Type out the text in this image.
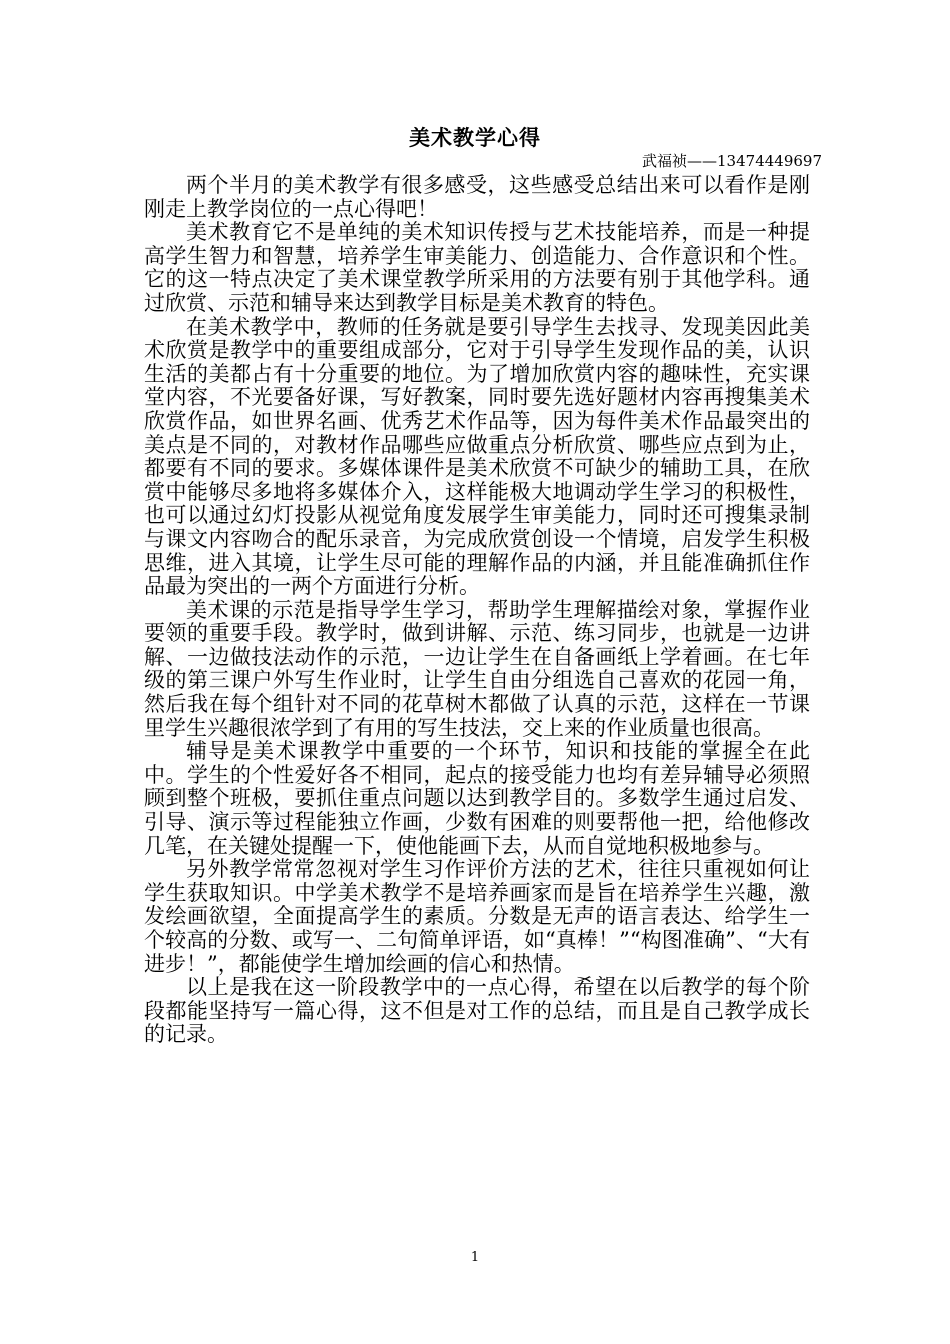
美术教学心得
武福祯——13474449697

两个半月的美术教学有很多感受，这些感受总结出来可以看作是刚刚走上教学岗位的一点心得吧！

美术教育它不是单纯的美术知识传授与艺术技能培养，而是一种提高学生智力和智慧，培养学生审美能力、创造能力、合作意识和个性。它的这一特点决定了美术课堂教学所采用的方法要有别于其他学科。通过欣赏、示范和辅导来达到教学目标是美术教育的特色。

在美术教学中，教师的任务就是要引导学生去找寻、发现美因此美术欣赏是教学中的重要组成部分，它对于引导学生发现作品的美，认识生活的美都占有十分重要的地位。为了增加欣赏内容的趣味性，充实课堂内容，不光要备好课，写好教案，同时要先选好题材内容再搜集美术欣赏作品，如世界名画、优秀艺术作品等，因为每件美术作品最突出的美点是不同的，对教材作品哪些应做重点分析欣赏、哪些应点到为止，都要有不同的要求。多媒体课件是美术欣赏不可缺少的辅助工具，在欣赏中能够尽多地将多媒体介入，这样能极大地调动学生学习的积极性，也可以通过幻灯投影从视觉角度发展学生审美能力，同时还可搜集录制与课文内容吻合的配乐录音，为完成欣赏创设一个情境，启发学生积极思维，进入其境，让学生尽可能的理解作品的内涵，并且能准确抓住作品最为突出的一两个方面进行分析。

美术课的示范是指导学生学习，帮助学生理解描绘对象，掌握作业要领的重要手段。教学时，做到讲解、示范、练习同步，也就是一边讲解、一边做技法动作的示范，一边让学生在自备画纸上学着画。在七年级的第三课户外写生作业时，让学生自由分组选自己喜欢的花园一角，然后我在每个组针对不同的花草树木都做了认真的示范，这样在一节课里学生兴趣很浓学到了有用的写生技法，交上来的作业质量也很高。

辅导是美术课教学中重要的一个环节，知识和技能的掌握全在此中。学生的个性爱好各不相同，起点的接受能力也均有差异辅导必须照顾到整个班极，要抓住重点问题以达到教学目的。多数学生通过启发、引导、演示等过程能独立作画，少数有困难的则要帮他一把，给他修改几笔，在关键处提醒一下，使他能画下去，从而自觉地积极地参与。

另外教学常常忽视对学生习作评价方法的艺术，往往只重视如何让学生获取知识。中学美术教学不是培养画家而是旨在培养学生兴趣，激发绘画欲望，全面提高学生的素质。分数是无声的语言表达、给学生一个较高的分数、或写一、二句简单评语，如“真棒！”“构图准确”、“大有进步！”，都能使学生增加绘画的信心和热情。

以上是我在这一阶段教学中的一点心得，希望在以后教学的每个阶段都能坚持写一篇心得，这不但是对工作的总结，而且是自己教学成长的记录。

1
